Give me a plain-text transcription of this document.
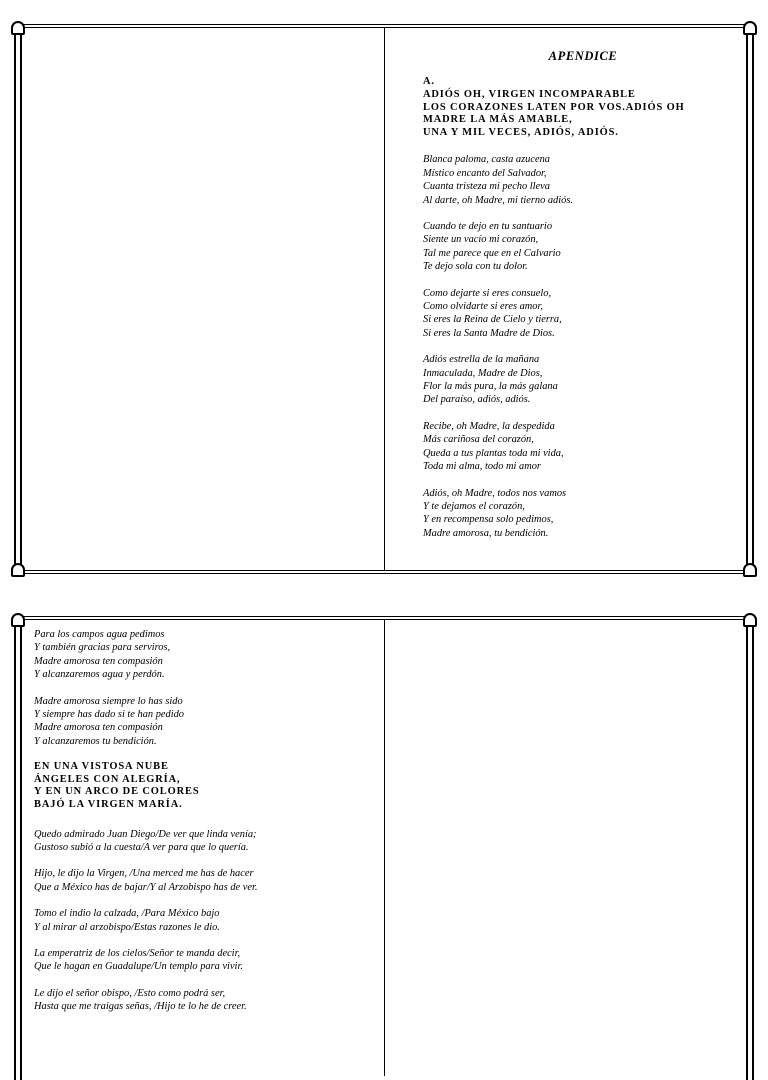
APENDICE
A.
ADIÓS OH, VIRGEN INCOMPARABLE
LOS CORAZONES LATEN POR VOS.ADIÓS OH
MADRE LA MÁS AMABLE,
UNA Y MIL VECES, ADIÓS, ADIÓS.
Blanca paloma, casta azucena
Místico encanto del Salvador,
Cuanta tristeza mi pecho lleva
Al darte, oh Madre, mi tierno adiós.
Cuando te dejo en tu santuario
Siente un vacío mi corazón,
Tal me parece que en el Calvario
Te dejo sola con tu dolor.
Como dejarte si eres consuelo,
Como olvidarte si eres amor,
Si eres la Reina de Cielo y tierra,
Si eres la Santa Madre de Dios.
Adiós estrella de la mañana
Inmaculada, Madre de Dios,
Flor la más pura, la más galana
Del paraíso, adiós, adiós.
Recibe, oh Madre, la despedida
Más cariñosa del corazón,
Queda a tus plantas toda mi vida,
Toda mi alma, todo mi amor
Adiós, oh Madre, todos nos vamos
Y te dejamos el corazón,
Y en recompensa solo pedimos,
Madre amorosa, tu bendición.
Para los campos agua pedimos
Y también gracias para serviros,
Madre amorosa ten compasión
Y alcanzaremos agua y perdón.
Madre amorosa siempre lo has sido
Y siempre has dado si te han pedido
Madre amorosa ten compasión
Y alcanzaremos tu bendición.
EN UNA VISTOSA NUBE
ÁNGELES CON ALEGRÍA,
Y EN UN ARCO DE COLORES
BAJÓ LA VIRGEN MARÍA.
Quedo admirado Juan Diego/De ver que linda venía;
Gustoso subió a la cuesta/A ver para que lo quería.
Hijo, le dijo la Virgen, /Una merced me has de hacer
Que a México has de bajar/Y al Arzobispo has de ver.
Tomo el indio la calzada, /Para México bajo
Y al mirar al arzobispo/Estas razones le dio.
La emperatriz de los cielos/Señor te manda decir,
Que le hagan en Guadalupe/Un templo para vivir.
Le dijo el señor obispo, /Esto como podrá ser,
Hasta que me traigas señas, /Hijo te lo he de creer.
